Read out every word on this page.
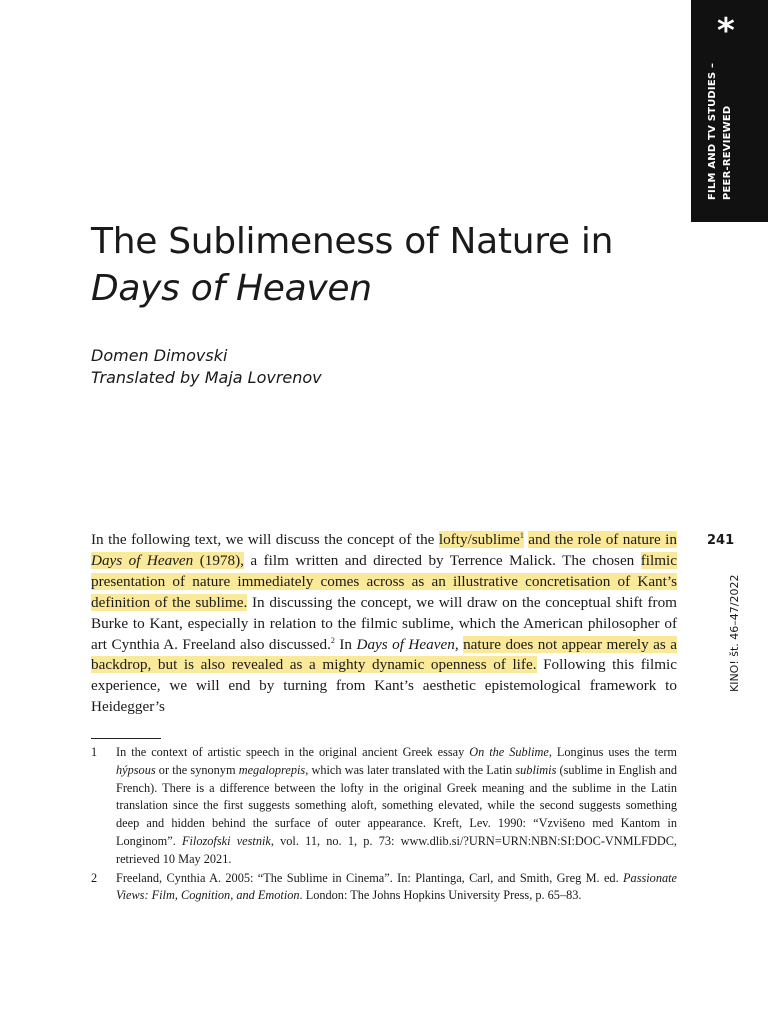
*
FILM AND TV STUDIES – PEER-REVIEWED
The Sublimeness of Nature in
Days of Heaven
Domen Dimovski
Translated by Maja Lovrenov

In the following text, we will discuss the concept of the lofty/sublime$^1$ and the role of nature in Days of Heaven (1978), a film written and directed by Terrence Malick. The chosen filmic presentation of nature immediately comes across as an illustrative concretisation of Kant’s definition of the sublime. In discussing the concept, we will draw on the conceptual shift from Burke to Kant, especially in relation to the filmic sublime, which the American philosopher of art Cynthia A. Freeland also discussed.$^2$ In Days of Heaven, nature does not appear merely as a backdrop, but is also revealed as a mighty dynamic openness of life. Following this filmic experience, we will end by turning from Kant’s aesthetic epistemological framework to Heidegger’s

241
KINO! št. 46–47/2022
1 In the context of artistic speech in the original ancient Greek essay On the Sublime, Longinus uses the term hýpsous or the synonym megaloprepis, which was later translated with the Latin sublimis (sublime in English and French). There is a difference between the lofty in the original Greek meaning and the sublime in the Latin translation since the first suggests something aloft, something elevated, while the second suggests something deep and hidden behind the surface of outer appearance. Kreft, Lev. 1990: “Vzvišeno med Kantom in Longinom”. Filozofski vestnik, vol. 11, no. 1, p. 73: www.dlib.si/?URN=URN:NBN:SI:DOC-VNMLFDDC, retrieved 10 May 2021.
2 Freeland, Cynthia A. 2005: “The Sublime in Cinema”. In: Plantinga, Carl, and Smith, Greg M. ed. Passionate Views: Film, Cognition, and Emotion. London: The Johns Hopkins University Press, p. 65–83.
